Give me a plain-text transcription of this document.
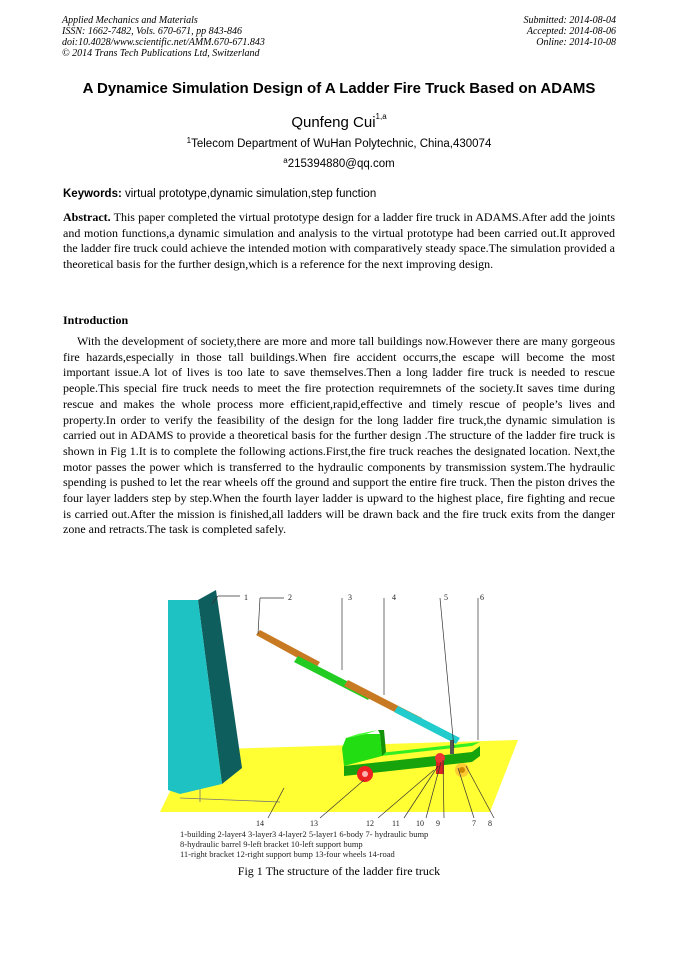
Applied Mechanics and Materials
ISSN: 1662-7482, Vols. 670-671, pp 843-846
doi:10.4028/www.scientific.net/AMM.670-671.843
© 2014 Trans Tech Publications Ltd, Switzerland
Submitted: 2014-08-04
Accepted: 2014-08-06
Online: 2014-10-08
A Dynamice Simulation Design of A Ladder Fire Truck Based on ADAMS
Qunfeng Cui$^{1,a}$
$^1$Telecom Department of WuHan Polytechnic, China,430074
$^a$215394880@qq.com
Keywords: virtual prototype,dynamic simulation,step function
Abstract. This paper completed the virtual prototype design for a ladder fire truck in ADAMS.After add the joints and motion functions,a dynamic simulation and analysis to the virtual prototype had been carried out.It approved the ladder fire truck could achieve the intended motion with comparatively steady space.The simulation provided a theoretical basis for the further design,which is a reference for the next improving design.
Introduction
With the development of society,there are more and more tall buildings now.However there are many gorgeous fire hazards,especially in those tall buildings.When fire accident occurrs,the escape will become the most important issue.A lot of lives is too late to save themselves.Then a long ladder fire truck is needed to rescue people.This special fire truck needs to meet the fire protection requiremnets of the society.It saves time during rescue and makes the whole process more efficient,rapid,effective and timely rescue of people’s lives and property.In order to verify the feasibility of the design for the long ladder fire truck,the dynamic simulation is carried out in ADAMS to provide a theoretical basis for the further design .The structure of the ladder fire truck is shown in Fig 1.It is to complete the following actions.First,the fire truck reaches the designated location. Next,the motor passes the power which is transferred to the hydraulic components by transmission system.The hydraulic spending is pushed to let the rear wheels off the ground and support the entire fire truck. Then the piston drives the four layer ladders step by step.When the fourth layer ladder is upward to the highest place, fire fighting and recue is carried out.After the mission is finished,all ladders will be drawn back and the fire truck exits from the danger zone and retracts.The task is completed safely.
1	2	3	4	5	6
14	13	12 11 10 9	7 8
1-building 2-layer4 3-layer3 4-layer2 5-layer1 6-body 7- hydraulic bump
8-hydraulic barrel 9-left bracket 10-left support bump
11-right bracket 12-right support bump 13-four wheels 14-road
Fig 1 The structure of the ladder fire truck
